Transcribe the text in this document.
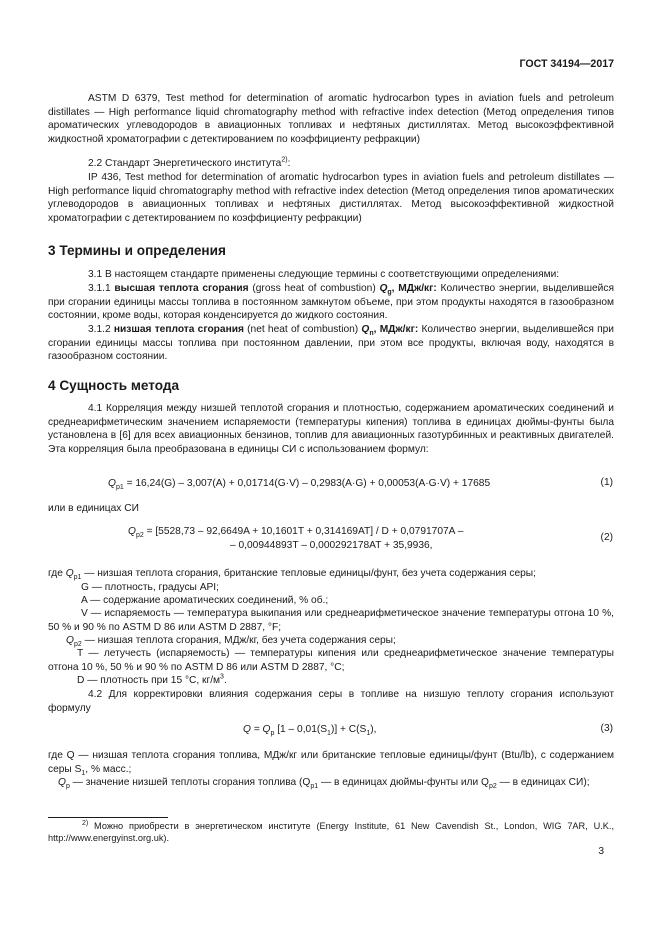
ГОСТ 34194—2017

ASTM D 6379, Test method for determination of aromatic hydrocarbon types in aviation fuels and petroleum distillates — High performance liquid chromatography method with refractive index detection (Метод определения типов ароматических углеводородов в авиационных топливах и нефтяных дистиллятах. Метод высокоэффективной жидкостной хроматографии с детектированием по коэффициенту рефракции)

2.2 Стандарт Энергетического института$^{2)}$:

IP 436, Test method for determination of aromatic hydrocarbon types in aviation fuels and petroleum distillates — High performance liquid chromatography method with refractive index detection (Метод определения типов ароматических углеводородов в авиационных топливах и нефтяных дистиллятах. Метод высокоэффективной жидкостной хроматографии с детектированием по коэффициенту рефракции)

3 Термины и определения

3.1 В настоящем стандарте применены следующие термины с соответствующими определениями:

3.1.1 высшая теплота сгорания (gross heat of combustion) $Q_g$, МДж/кг: Количество энергии, выделившейся при сгорании единицы массы топлива в постоянном замкнутом объеме, при этом продукты находятся в газообразном состоянии, кроме воды, которая конденсируется до жидкого состояния.

3.1.2 низшая теплота сгорания (net heat of combustion) $Q_n$, МДж/кг: Количество энергии, выделившейся при сгорании единицы массы топлива при постоянном давлении, при этом все продукты, включая воду, находятся в газообразном состоянии.

4 Сущность метода

4.1 Корреляция между низшей теплотой сгорания и плотностью, содержанием ароматических соединений и среднеарифметическим значением испаряемости (температуры кипения) топлива в единицах дюймы-фунты была установлена в [6] для всех авиационных бензинов, топлив для авиационных газотурбинных и реактивных двигателей. Эта корреляция была преобразована в единицы СИ с использованием формул:

$Q_{p1} = 16,24(G) - 3,007(A) + 0,01714(G\cdot V) - 0,2983(A\cdot G) + 0,00053(A\cdot G\cdot V) + 17685$	(1)
или в единицах СИ
$Q_{p2} = [5528,73 - 92,6649A + 10,1601T + 0,314169AT] / D + 0,0791707A$ –
– 0,00944893T – 0,000292178AT + 35,9936,
(2)
где $Q_{p1}$ — низшая теплота сгорания, британские тепловые единицы/фунт, без учета содержания серы;
G — плотность, градусы API;
A — содержание ароматических соединений, % об.;

V — испаряемость — температура выкипания или среднеарифметическое значение температуры отгона 10 %, 50 % и 90 % по ASTM D 86 или ASTM D 2887, °F;

$Q_{p2}$ — низшая теплота сгорания, МДж/кг, без учета содержания серы;

T — летучесть (испаряемость) — температуры кипения или среднеарифметическое значение температуры отгона 10 %, 50 % и 90 % по ASTM D 86 или ASTM D 2887, °C;

D — плотность при 15 °C, $кг/м^3$.

4.2 Для корректировки влияния содержания серы в топливе на низшую теплоту сгорания используют формулу

$Q = Q_p$ $[1 - 0,01(S_1)] + C(S_1)$,	(3)

где Q — низшая теплота сгорания топлива, МДж/кг или британские тепловые единицы/фунт (Btu/lb), с содержанием серы $S_1$, % масс.;

$Q_p$ — значение низшей теплоты сгорания топлива ($Q_{p1}$ — в единицах дюймы-фунты или $Q_{p2}$ — в единицах СИ);

$^{2)}$ Можно приобрести в энергетическом институте (Energy Institute, 61 New Cavendish St., London, WIG 7AR, U.K., http://www.energyinst.org.uk).

3
